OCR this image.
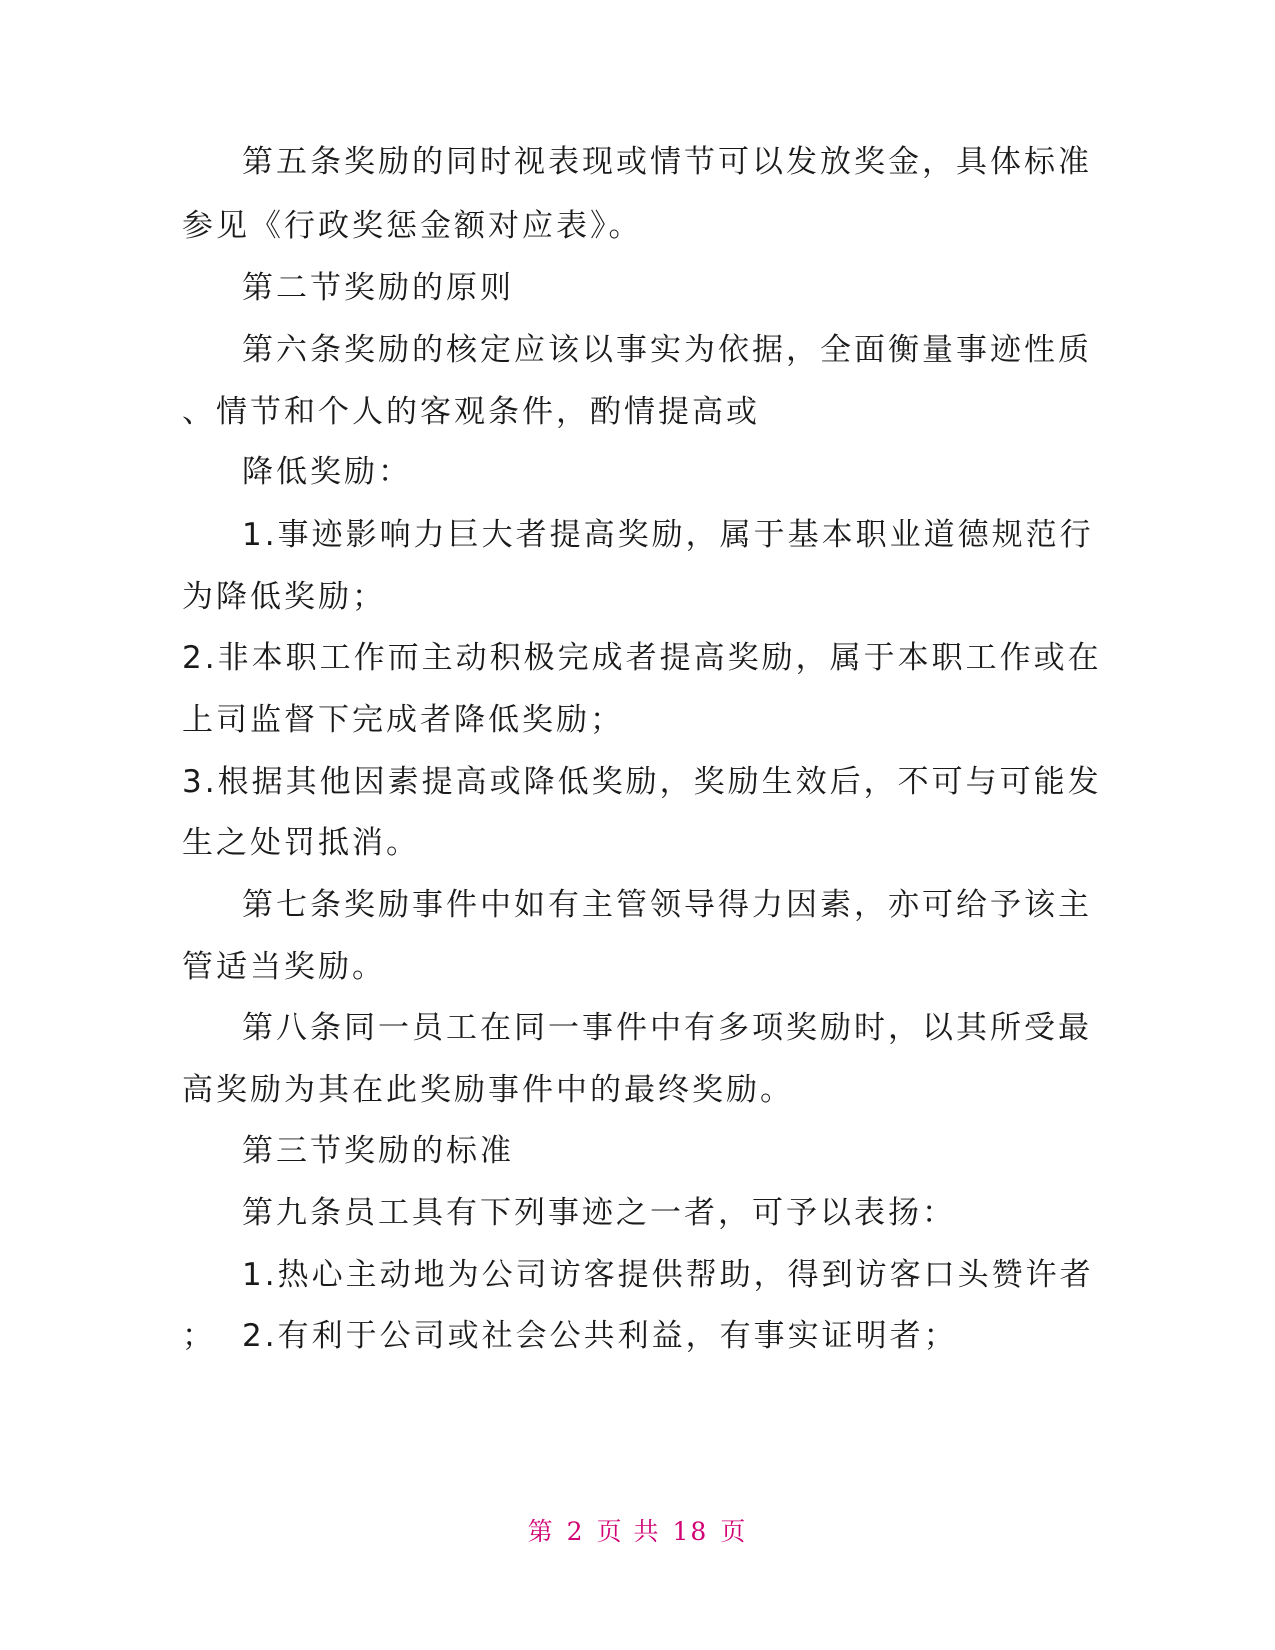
第五条奖励的同时视表现或情节可以发放奖金，具体标准
参见《行政奖惩金额对应表》。
第二节奖励的原则
第六条奖励的核定应该以事实为依据，全面衡量事迹性质
、情节和个人的客观条件，酌情提高或
降低奖励：
1.事迹影响力巨大者提高奖励，属于基本职业道德规范行
为降低奖励；
2.非本职工作而主动积极完成者提高奖励，属于本职工作或在
上司监督下完成者降低奖励；
3.根据其他因素提高或降低奖励，奖励生效后，不可与可能发
生之处罚抵消。
第七条奖励事件中如有主管领导得力因素，亦可给予该主
管适当奖励。
第八条同一员工在同一事件中有多项奖励时，以其所受最
高奖励为其在此奖励事件中的最终奖励。
第三节奖励的标准
第九条员工具有下列事迹之一者，可予以表扬：
1.热心主动地为公司访客提供帮助，得到访客口头赞许者
； 2.有利于公司或社会公共利益，有事实证明者；
第 2 页 共 18 页
